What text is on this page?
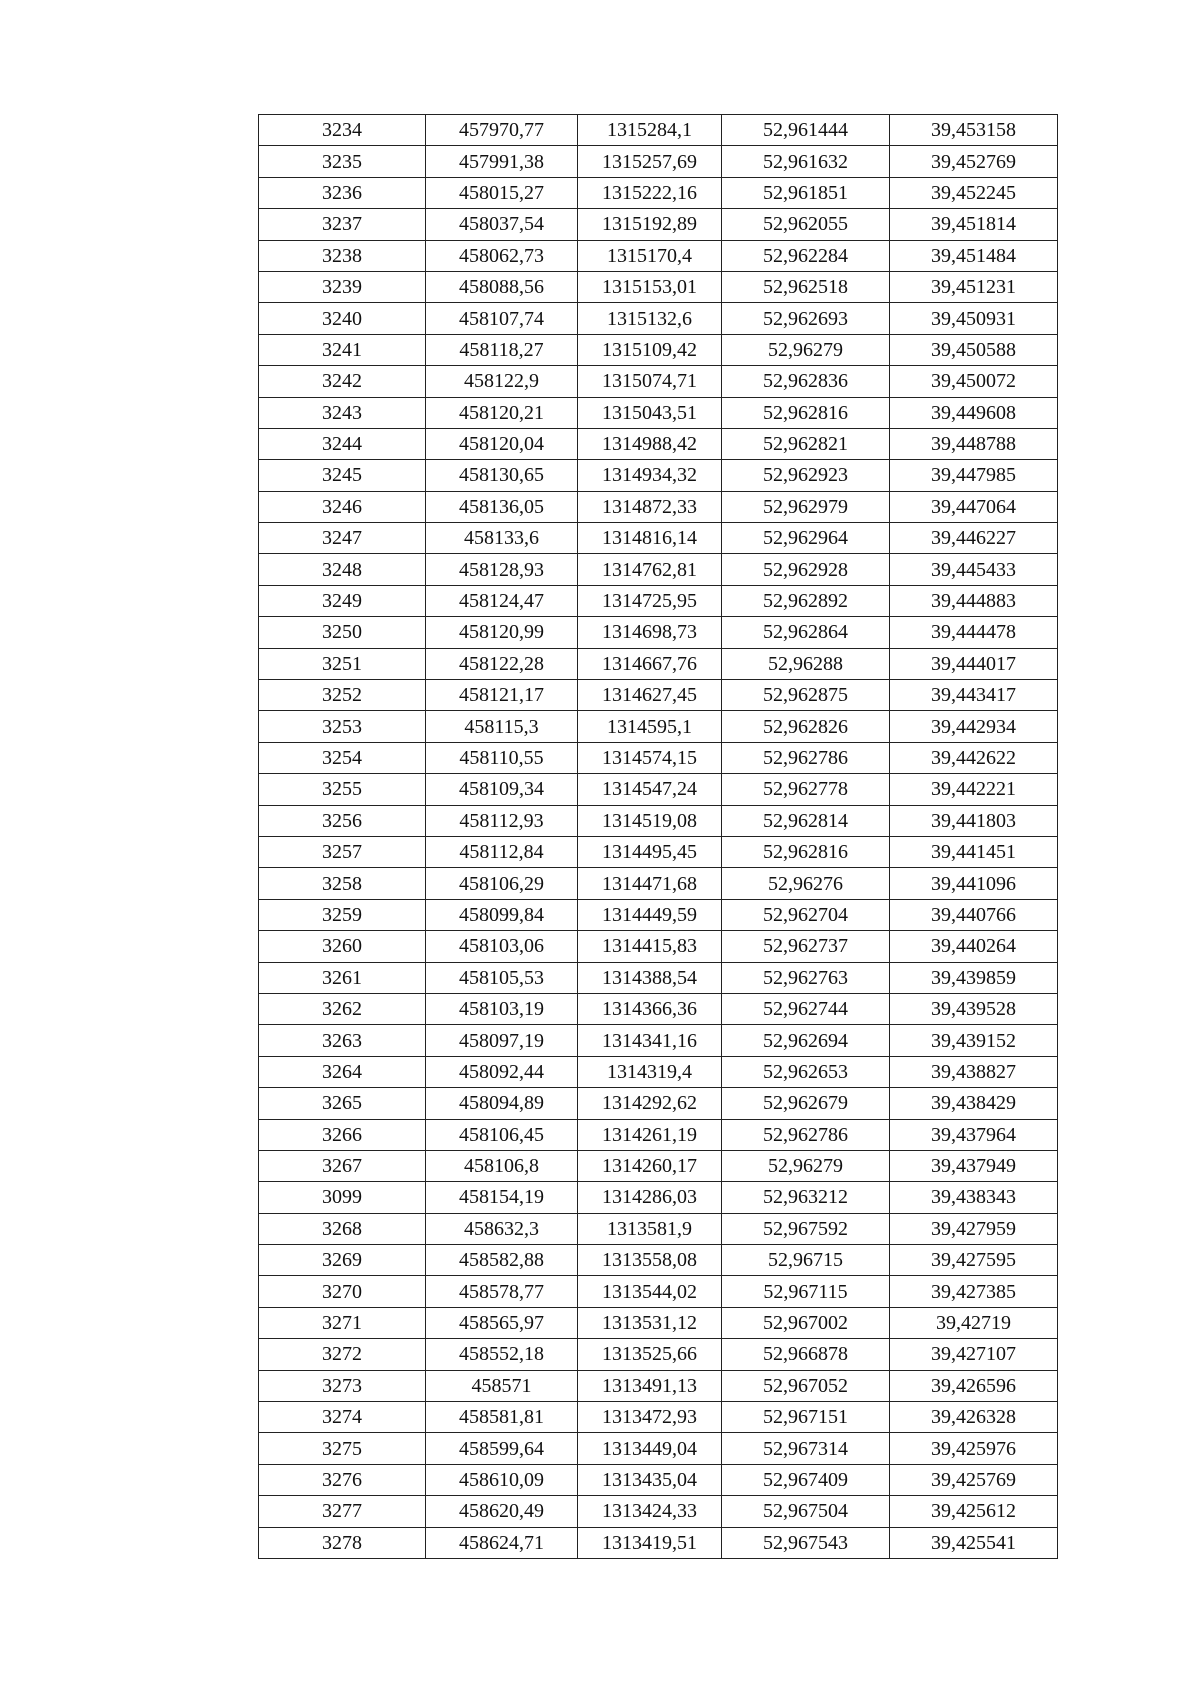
3234	457970,77	1315284,1	52,961444	39,453158
3235	457991,38	1315257,69	52,961632	39,452769
3236	458015,27	1315222,16	52,961851	39,452245
3237	458037,54	1315192,89	52,962055	39,451814
3238	458062,73	1315170,4	52,962284	39,451484
3239	458088,56	1315153,01	52,962518	39,451231
3240	458107,74	1315132,6	52,962693	39,450931
3241	458118,27	1315109,42	52,96279	39,450588
3242	458122,9	1315074,71	52,962836	39,450072
3243	458120,21	1315043,51	52,962816	39,449608
3244	458120,04	1314988,42	52,962821	39,448788
3245	458130,65	1314934,32	52,962923	39,447985
3246	458136,05	1314872,33	52,962979	39,447064
3247	458133,6	1314816,14	52,962964	39,446227
3248	458128,93	1314762,81	52,962928	39,445433
3249	458124,47	1314725,95	52,962892	39,444883
3250	458120,99	1314698,73	52,962864	39,444478
3251	458122,28	1314667,76	52,96288	39,444017
3252	458121,17	1314627,45	52,962875	39,443417
3253	458115,3	1314595,1	52,962826	39,442934
3254	458110,55	1314574,15	52,962786	39,442622
3255	458109,34	1314547,24	52,962778	39,442221
3256	458112,93	1314519,08	52,962814	39,441803
3257	458112,84	1314495,45	52,962816	39,441451
3258	458106,29	1314471,68	52,96276	39,441096
3259	458099,84	1314449,59	52,962704	39,440766
3260	458103,06	1314415,83	52,962737	39,440264
3261	458105,53	1314388,54	52,962763	39,439859
3262	458103,19	1314366,36	52,962744	39,439528
3263	458097,19	1314341,16	52,962694	39,439152
3264	458092,44	1314319,4	52,962653	39,438827
3265	458094,89	1314292,62	52,962679	39,438429
3266	458106,45	1314261,19	52,962786	39,437964
3267	458106,8	1314260,17	52,96279	39,437949
3099	458154,19	1314286,03	52,963212	39,438343
3268	458632,3	1313581,9	52,967592	39,427959
3269	458582,88	1313558,08	52,96715	39,427595
3270	458578,77	1313544,02	52,967115	39,427385
3271	458565,97	1313531,12	52,967002	39,42719
3272	458552,18	1313525,66	52,966878	39,427107
3273	458571	1313491,13	52,967052	39,426596
3274	458581,81	1313472,93	52,967151	39,426328
3275	458599,64	1313449,04	52,967314	39,425976
3276	458610,09	1313435,04	52,967409	39,425769
3277	458620,49	1313424,33	52,967504	39,425612
3278	458624,71	1313419,51	52,967543	39,425541
